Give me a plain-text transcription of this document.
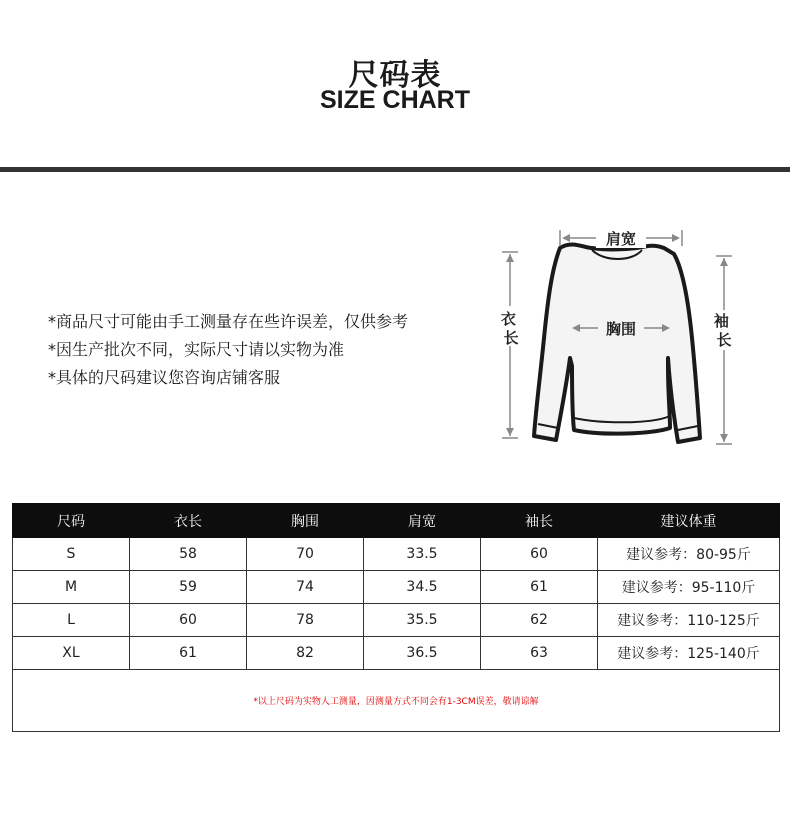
尺码表
SIZE CHART
*商品尺寸可能由手工测量存在些许误差，仅供参考
*因生产批次不同，实际尺寸请以实物为准
*具体的尺码建议您咨询店铺客服
肩宽
衣 长	胸围	袖 长
尺码	衣长	胸围	肩宽	袖长	建议体重
S	58	70	33.5	60	建议参考：80-95斤
M	59	74	34.5	61	建议参考：95-110斤
L	60	78	35.5	62	建议参考：110-125斤
XL	61	82	36.5	63	建议参考：125-140斤
*以上尺码为实物人工测量，因测量方式不同会有1-3CM误差，敬请谅解					
